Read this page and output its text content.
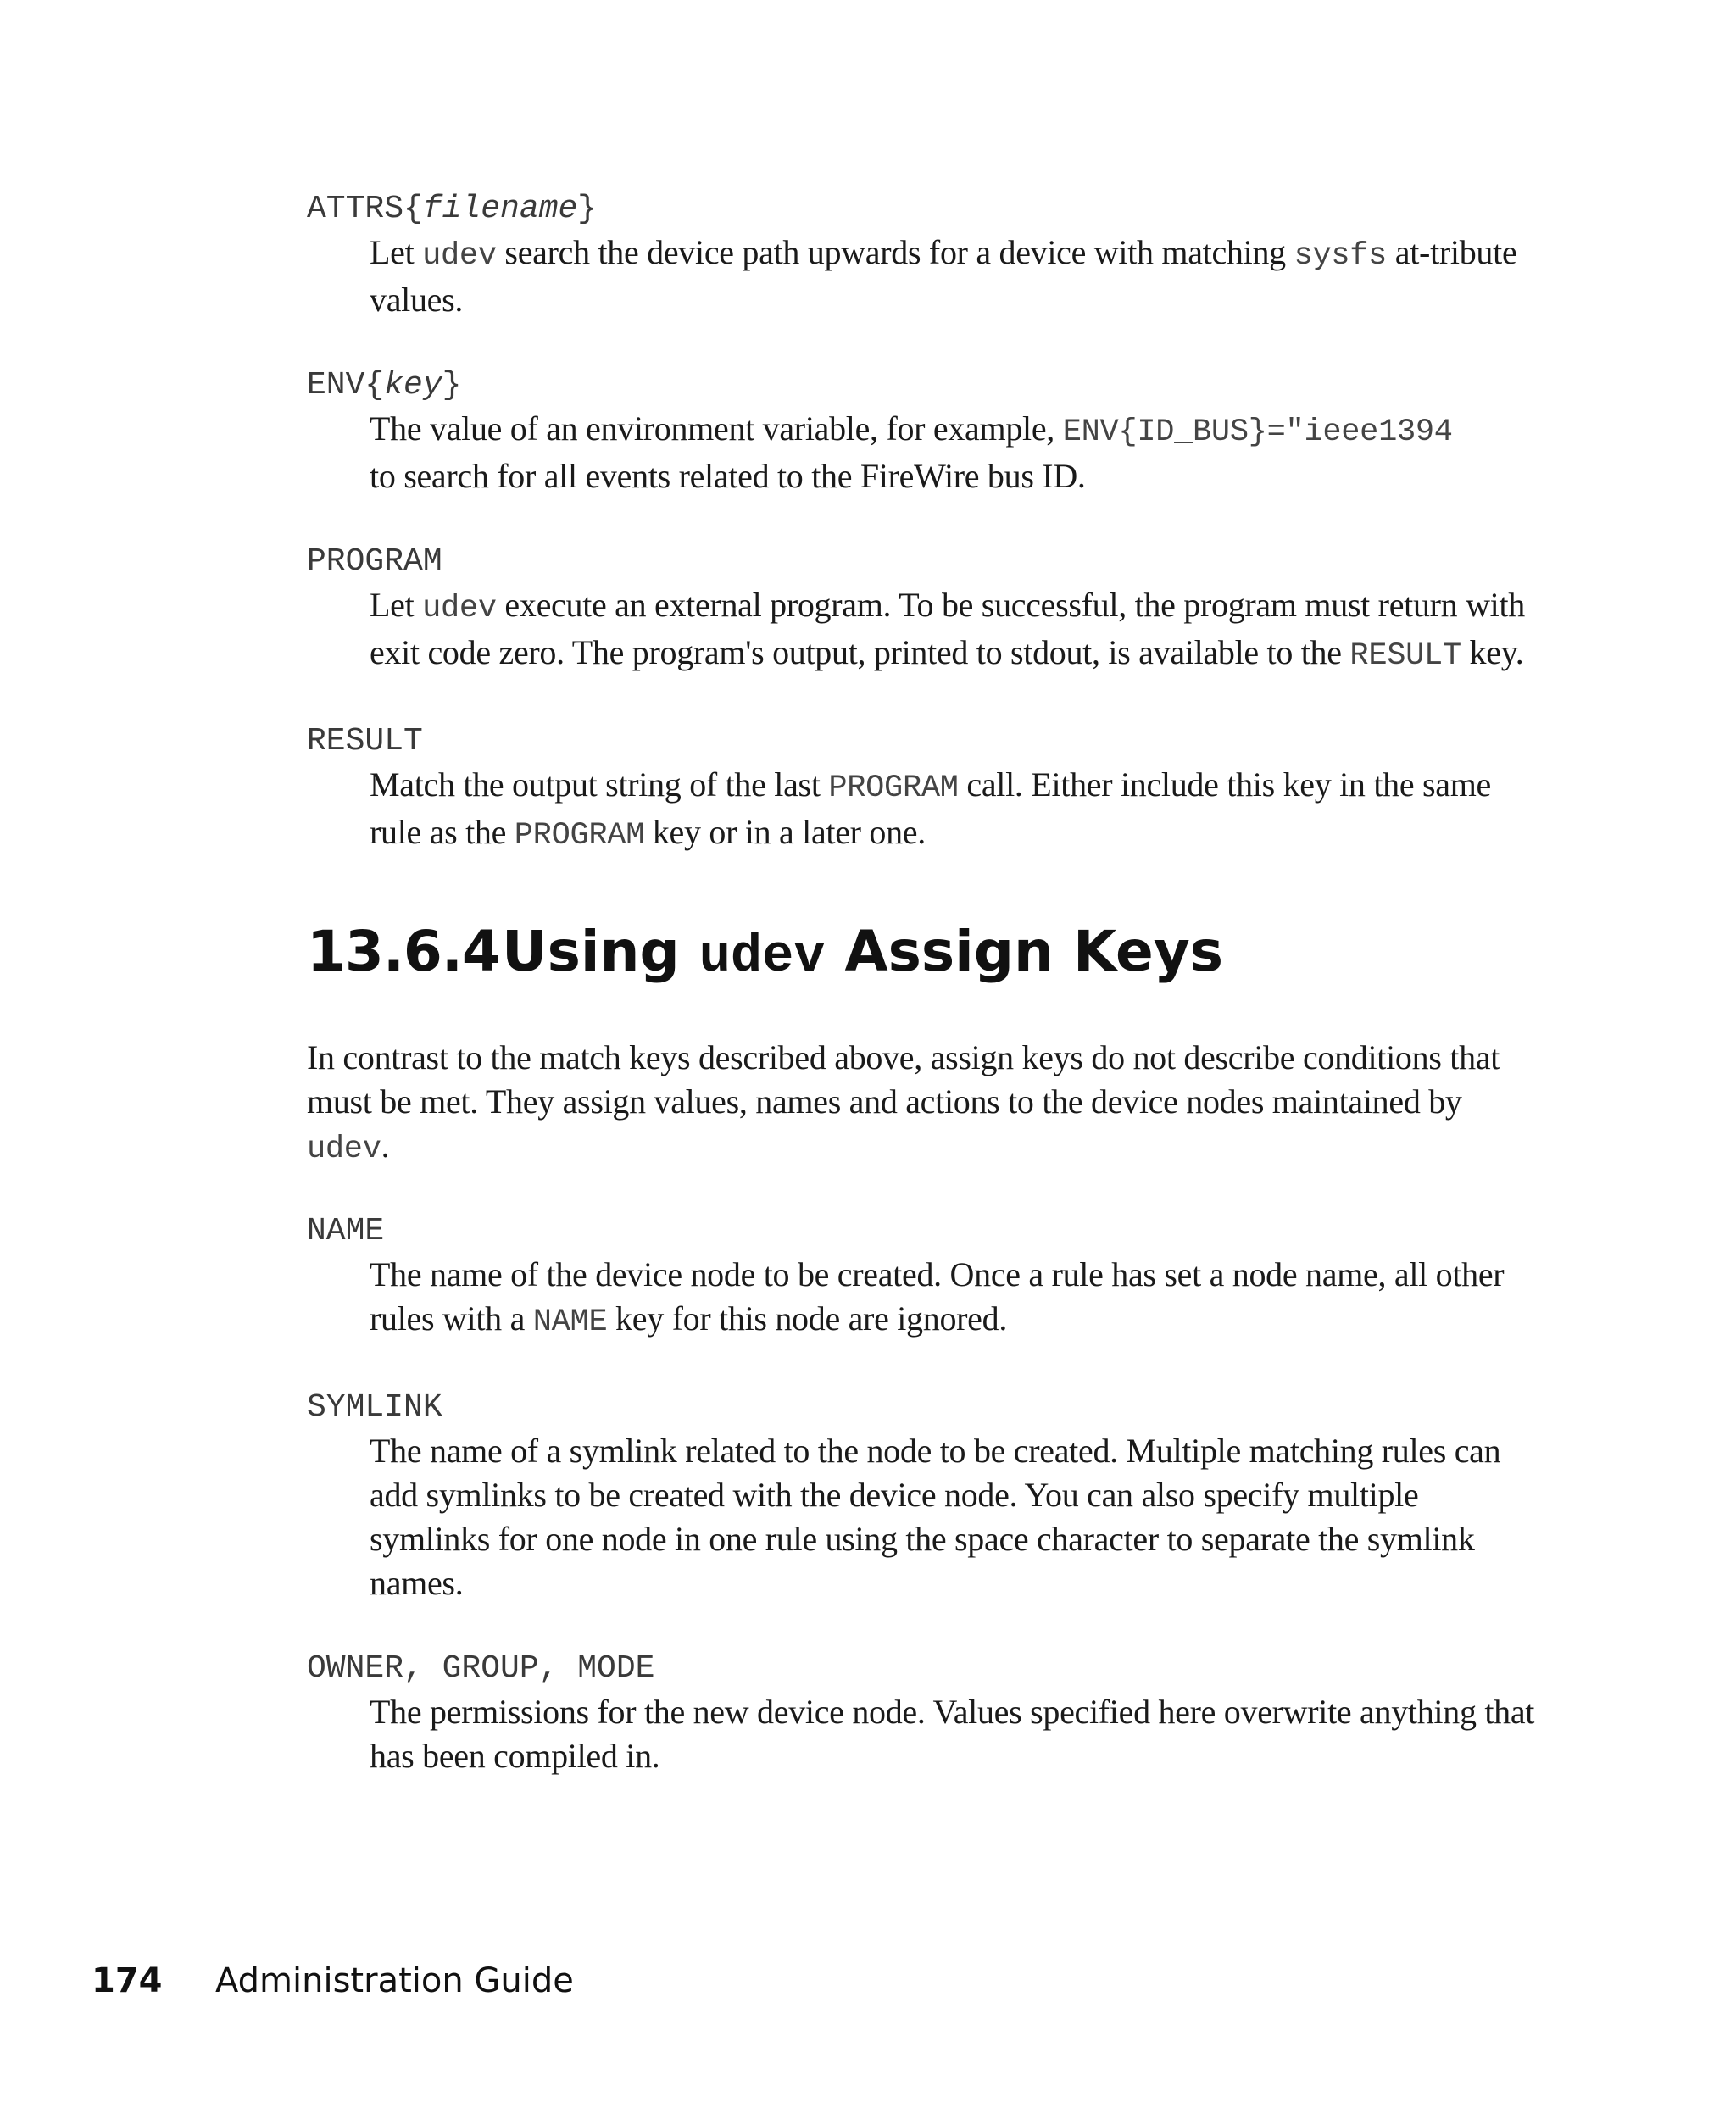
ATTRS{filename}

Let udev search the device path upwards for a device with matching sysfs at-tribute values.

ENV{key}

The value of an environment variable, for example, ENV{ID_BUS}="ieee1394
to search for all events related to the FireWire bus ID.

PROGRAM

Let udev execute an external program. To be successful, the program must return with exit code zero. The program's output, printed to stdout, is available to the RESULT key.

RESULT

Match the output string of the last PROGRAM call. Either include this key in the same rule as the PROGRAM key or in a later one.

13.6.4 Using udev Assign Keys

In contrast to the match keys described above, assign keys do not describe conditions that must be met. They assign values, names and actions to the device nodes maintained by udev.

NAME

The name of the device node to be created. Once a rule has set a node name, all other rules with a NAME key for this node are ignored.

SYMLINK

The name of a symlink related to the node to be created. Multiple matching rules can add symlinks to be created with the device node. You can also specify multiple symlinks for one node in one rule using the space character to separate the symlink names.

OWNER, GROUP, MODE

The permissions for the new device node. Values specified here overwrite anything that has been compiled in.

174	Administration Guide
